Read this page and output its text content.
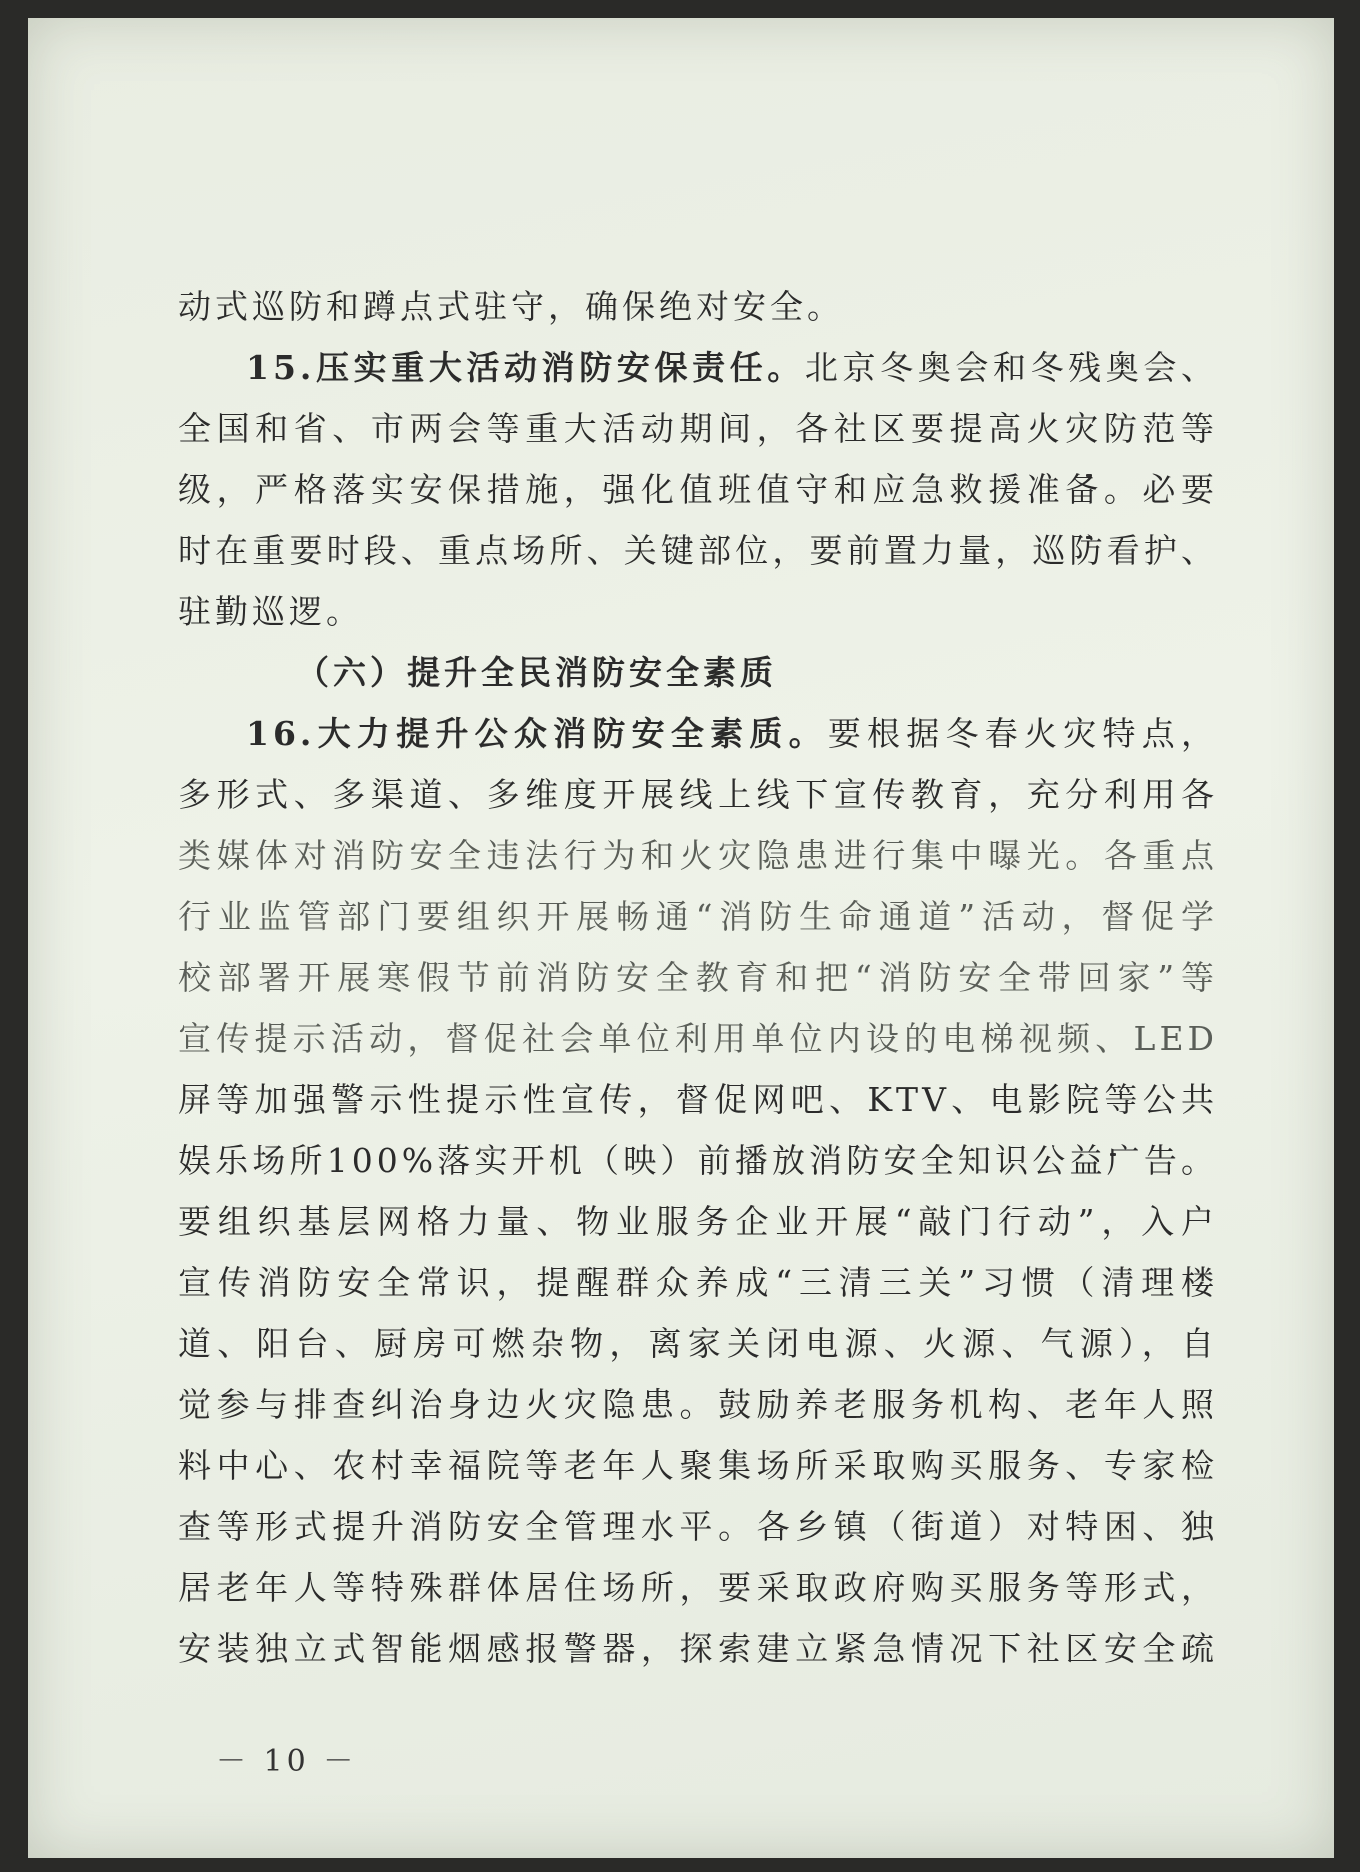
动式巡防和蹲点式驻守，确保绝对安全。
15.压实重大活动消防安保责任。北京冬奥会和冬残奥会、
全国和省、市两会等重大活动期间，各社区要提高火灾防范等
级，严格落实安保措施，强化值班值守和应急救援准备。必要
时在重要时段、重点场所、关键部位，要前置力量，巡防看护、
驻勤巡逻。
（六）提升全民消防安全素质
16.大力提升公众消防安全素质。要根据冬春火灾特点，
多形式、多渠道、多维度开展线上线下宣传教育，充分利用各
类媒体对消防安全违法行为和火灾隐患进行集中曝光。各重点
行业监管部门要组织开展畅通“消防生命通道”活动，督促学
校部署开展寒假节前消防安全教育和把“消防安全带回家”等
宣传提示活动，督促社会单位利用单位内设的电梯视频、LED
屏等加强警示性提示性宣传，督促网吧、KTV、电影院等公共
娱乐场所100%落实开机（映）前播放消防安全知识公益广告。
要组织基层网格力量、物业服务企业开展“敲门行动”，入户
宣传消防安全常识，提醒群众养成“三清三关”习惯（清理楼
道、阳台、厨房可燃杂物，离家关闭电源、火源、气源），自
觉参与排查纠治身边火灾隐患。鼓励养老服务机构、老年人照
料中心、农村幸福院等老年人聚集场所采取购买服务、专家检
查等形式提升消防安全管理水平。各乡镇（街道）对特困、独
居老年人等特殊群体居住场所，要采取政府购买服务等形式，
安装独立式智能烟感报警器，探索建立紧急情况下社区安全疏
－ 10 －
